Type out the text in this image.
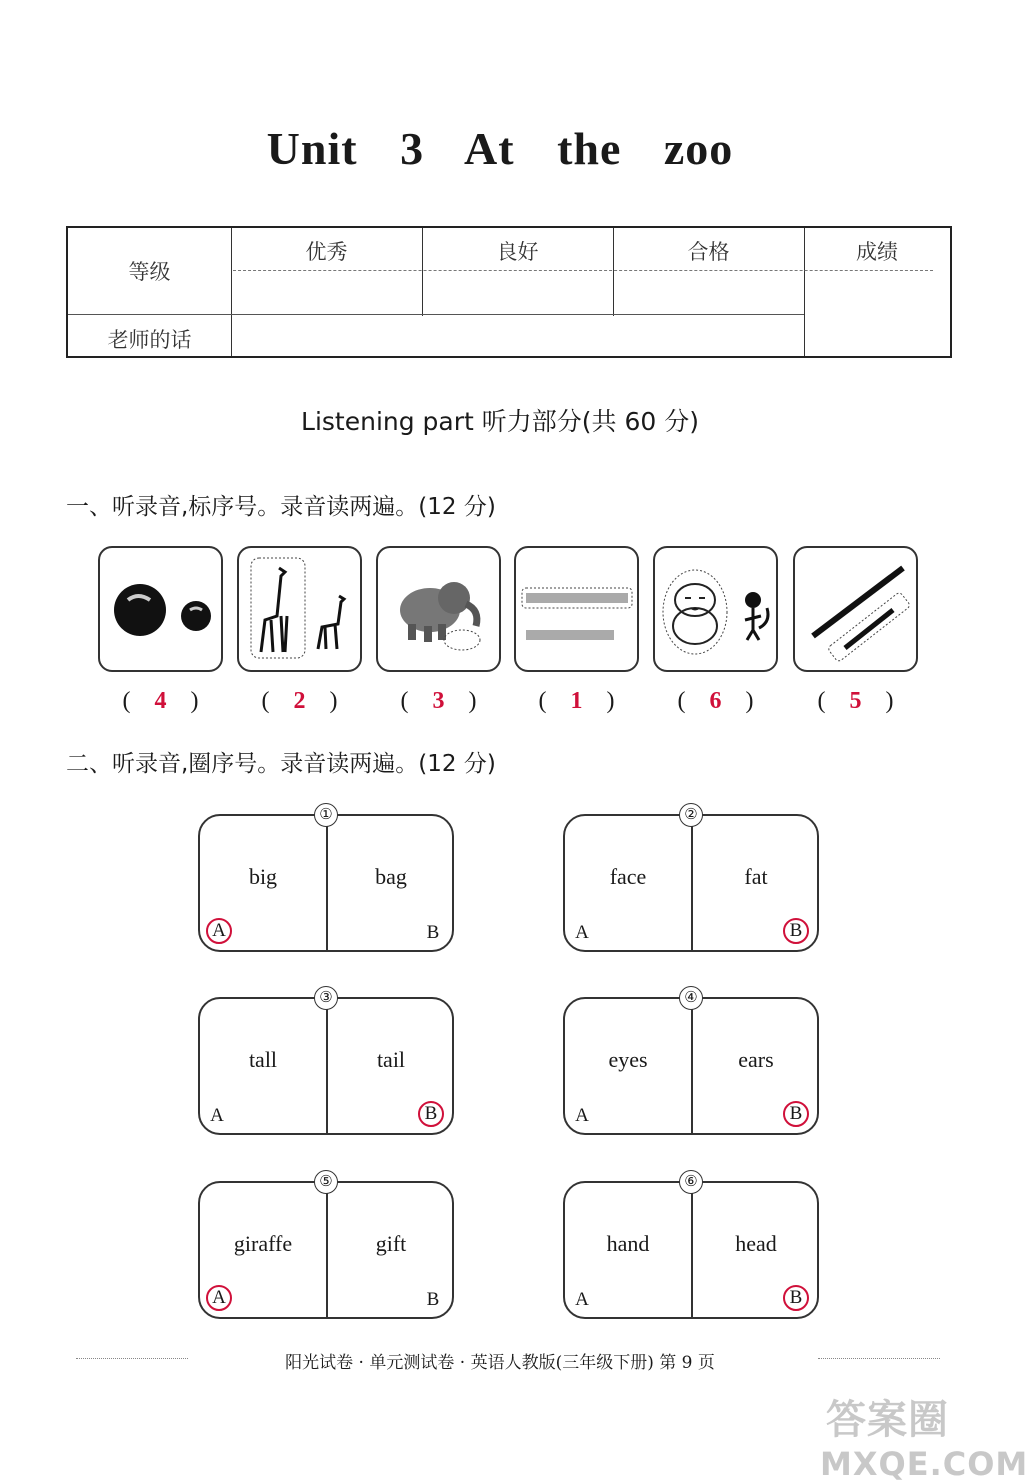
Unit 3 At the zoo
等级
优秀	良好	合格	成绩
老师的话
Listening part 听力部分(共 60 分)
一、听录音,标序号。录音读两遍。(12 分)
( 4 )	( 2 )	( 3 )	( 1 )	( 6 )	( 5 )
二、听录音,圈序号。录音读两遍。(12 分)
①
big	bag
A	B
②
face	fat
A	B
③
tall	tail
A	B
④
eyes	ears
A	B
⑤
giraffe	gift
A	B
⑥
hand	head
A	B
阳光试卷 · 单元测试卷 · 英语人教版(三年级下册) 第 9 页
答案圈
MXQE.COM
